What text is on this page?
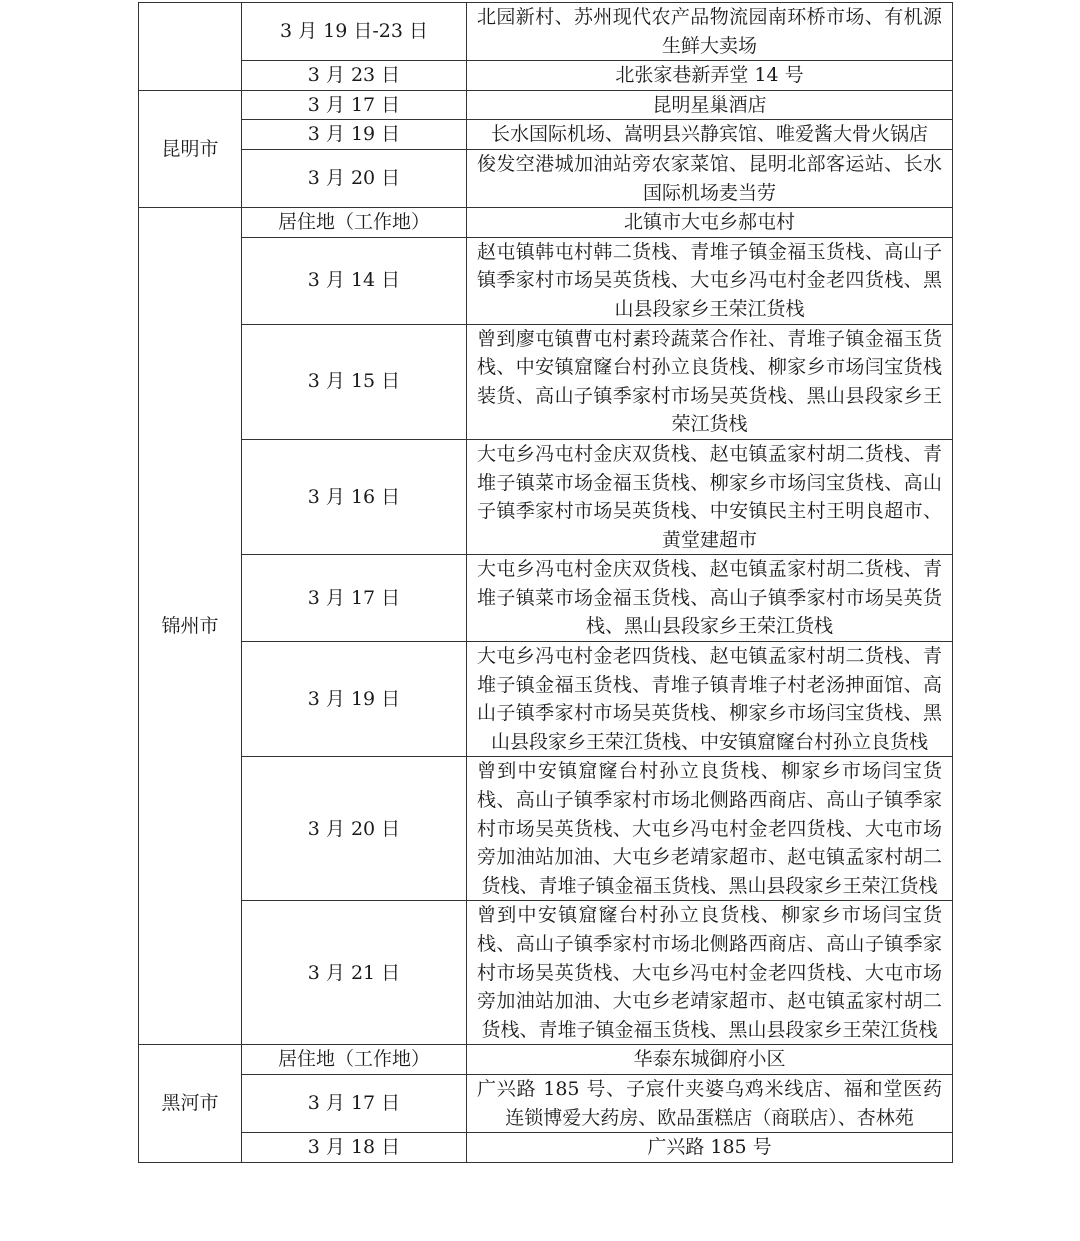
	3 月 19 日-23 日	北园新村、苏州现代农产品物流园南环桥市场、有机源生鲜大卖场
	3 月 23 日	北张家巷新弄堂 14 号
昆明市	3 月 17 日	昆明星巢酒店
	3 月 19 日	长水国际机场、嵩明县兴静宾馆、唯爱酱大骨火锅店
	3 月 20 日	俊发空港城加油站旁农家菜馆、昆明北部客运站、长水国际机场麦当劳
锦州市	居住地（工作地）	北镇市大屯乡郝屯村
	3 月 14 日	赵屯镇韩屯村韩二货栈、青堆子镇金福玉货栈、高山子镇季家村市场吴英货栈、大屯乡冯屯村金老四货栈、黑山县段家乡王荣江货栈
	3 月 15 日	曾到廖屯镇曹屯村素玲蔬菜合作社、青堆子镇金福玉货栈、中安镇窟窿台村孙立良货栈、柳家乡市场闫宝货栈装货、高山子镇季家村市场吴英货栈、黑山县段家乡王荣江货栈
	3 月 16 日	大屯乡冯屯村金庆双货栈、赵屯镇孟家村胡二货栈、青堆子镇菜市场金福玉货栈、柳家乡市场闫宝货栈、高山子镇季家村市场吴英货栈、中安镇民主村王明良超市、黄堂建超市
	3 月 17 日	大屯乡冯屯村金庆双货栈、赵屯镇孟家村胡二货栈、青堆子镇菜市场金福玉货栈、高山子镇季家村市场吴英货栈、黑山县段家乡王荣江货栈
	3 月 19 日	大屯乡冯屯村金老四货栈、赵屯镇孟家村胡二货栈、青堆子镇金福玉货栈、青堆子镇青堆子村老汤抻面馆、高山子镇季家村市场吴英货栈、柳家乡市场闫宝货栈、黑山县段家乡王荣江货栈、中安镇窟窿台村孙立良货栈
	3 月 20 日	曾到中安镇窟窿台村孙立良货栈、柳家乡市场闫宝货栈、高山子镇季家村市场北侧路西商店、高山子镇季家村市场吴英货栈、大屯乡冯屯村金老四货栈、大屯市场旁加油站加油、大屯乡老靖家超市、赵屯镇孟家村胡二货栈、青堆子镇金福玉货栈、黑山县段家乡王荣江货栈
	3 月 21 日	曾到中安镇窟窿台村孙立良货栈、柳家乡市场闫宝货栈、高山子镇季家村市场北侧路西商店、高山子镇季家村市场吴英货栈、大屯乡冯屯村金老四货栈、大屯市场旁加油站加油、大屯乡老靖家超市、赵屯镇孟家村胡二货栈、青堆子镇金福玉货栈、黑山县段家乡王荣江货栈
黑河市	居住地（工作地）	华泰东城御府小区
	3 月 17 日	广兴路 185 号、子宸什夹婆乌鸡米线店、福和堂医药连锁博爱大药房、欧品蛋糕店（商联店）、杏林苑
	3 月 18 日	广兴路 185 号
